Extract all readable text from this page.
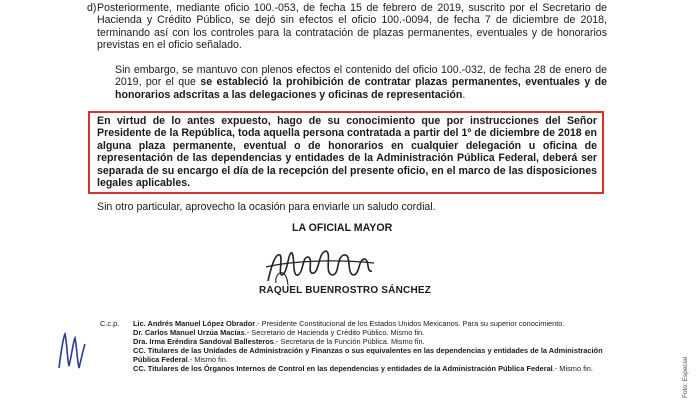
d) Posteriormente, mediante oficio 100.-053, de fecha 15 de febrero de 2019, suscrito por el Secretario de Hacienda y Crédito Público, se dejó sin efectos el oficio 100.-0094, de fecha 7 de diciembre de 2018, terminando así con los controles para la contratación de plazas permanentes, eventuales y de honorarios previstas en el oficio señalado.
Sin embargo, se mantuvo con plenos efectos el contenido del oficio 100.-032, de fecha 28 de enero de 2019, por el que se estableció la prohibición de contratar plazas permanentes, eventuales y de honorarios adscritas a las delegaciones y oficinas de representación.
En virtud de lo antes expuesto, hago de su conocimiento que por instrucciones del Señor Presidente de la República, toda aquella persona contratada a partir del 1º de diciembre de 2018 en alguna plaza permanente, eventual o de honorarios en cualquier delegación u oficina de representación de las dependencias y entidades de la Administración Pública Federal, deberá ser separada de su encargo el día de la recepción del presente oficio, en el marco de las disposiciones legales aplicables.
Sin otro particular, aprovecho la ocasión para enviarle un saludo cordial.
LA OFICIAL MAYOR
RAQUEL BUENROSTRO SÁNCHEZ
C.c.p. Lic. Andrés Manuel López Obrador.- Presidente Constitucional de los Estados Unidos Mexicanos. Para su superior conocimiento.
Dr. Carlos Manuel Urzúa Macías.- Secretario de Hacienda y Crédito Público. Mismo fin.
Dra. Irma Eréndira Sandoval Ballesteros.- Secretaria de la Función Pública. Mismo fin.
CC. Titulares de las Unidades de Administración y Finanzas o sus equivalentes en las dependencias y entidades de la Administración Pública Federal.- Mismo fin.
CC. Titulares de los Órganos Internos de Control en las dependencias y entidades de la Administración Pública Federal.- Mismo fin.	Foto: Especial
